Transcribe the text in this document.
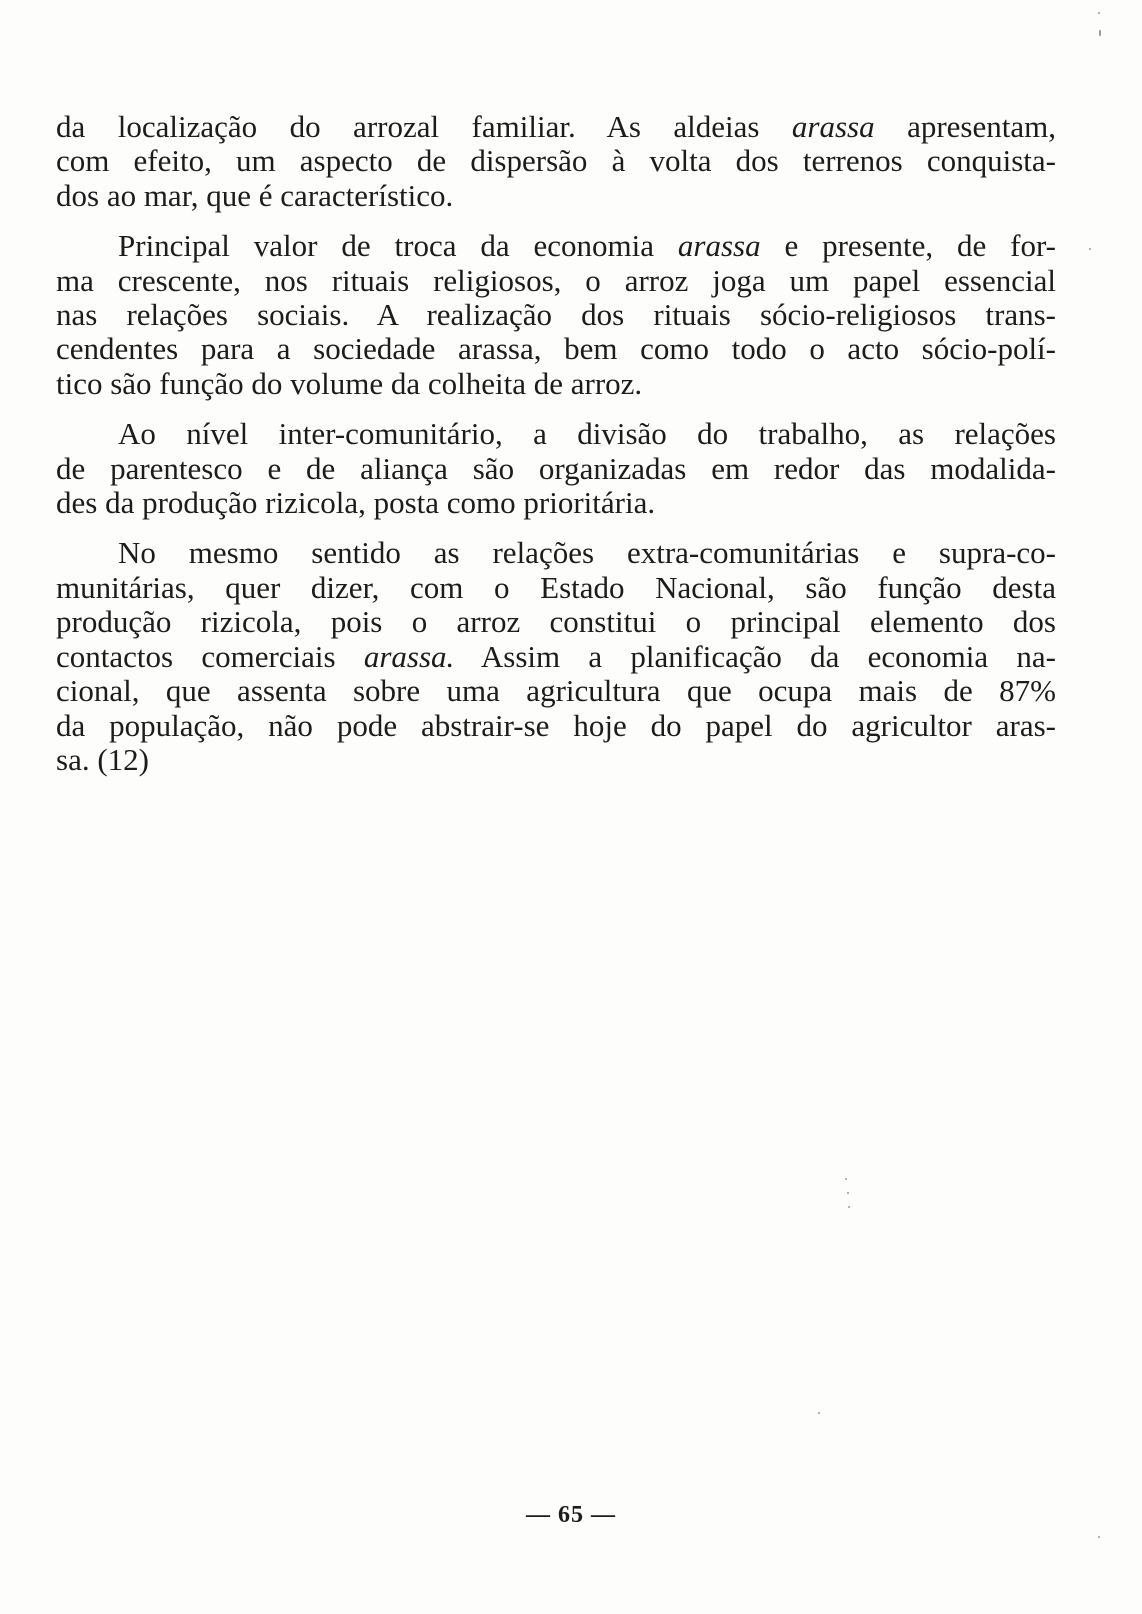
da localização do arrozal familiar. As aldeias arassa apresentam,
com efeito, um aspecto de dispersão à volta dos terrenos conquista-
dos ao mar, que é característico.
Principal valor de troca da economia arassa e presente, de for-
ma crescente, nos rituais religiosos, o arroz joga um papel essencial
nas relações sociais. A realização dos rituais sócio-religiosos trans-
cendentes para a sociedade arassa, bem como todo o acto sócio-polí-
tico são função do volume da colheita de arroz.
Ao nível inter-comunitário, a divisão do trabalho, as relações
de parentesco e de aliança são organizadas em redor das modalida-
des da produção rizicola, posta como prioritária.
No mesmo sentido as relações extra-comunitárias e supra-co-
munitárias, quer dizer, com o Estado Nacional, são função desta
produção rizicola, pois o arroz constitui o principal elemento dos
contactos comerciais arassa. Assim a planificação da economia na-
cional, que assenta sobre uma agricultura que ocupa mais de 87%
da população, não pode abstrair-se hoje do papel do agricultor aras-
sa. (12)
— 65 —
